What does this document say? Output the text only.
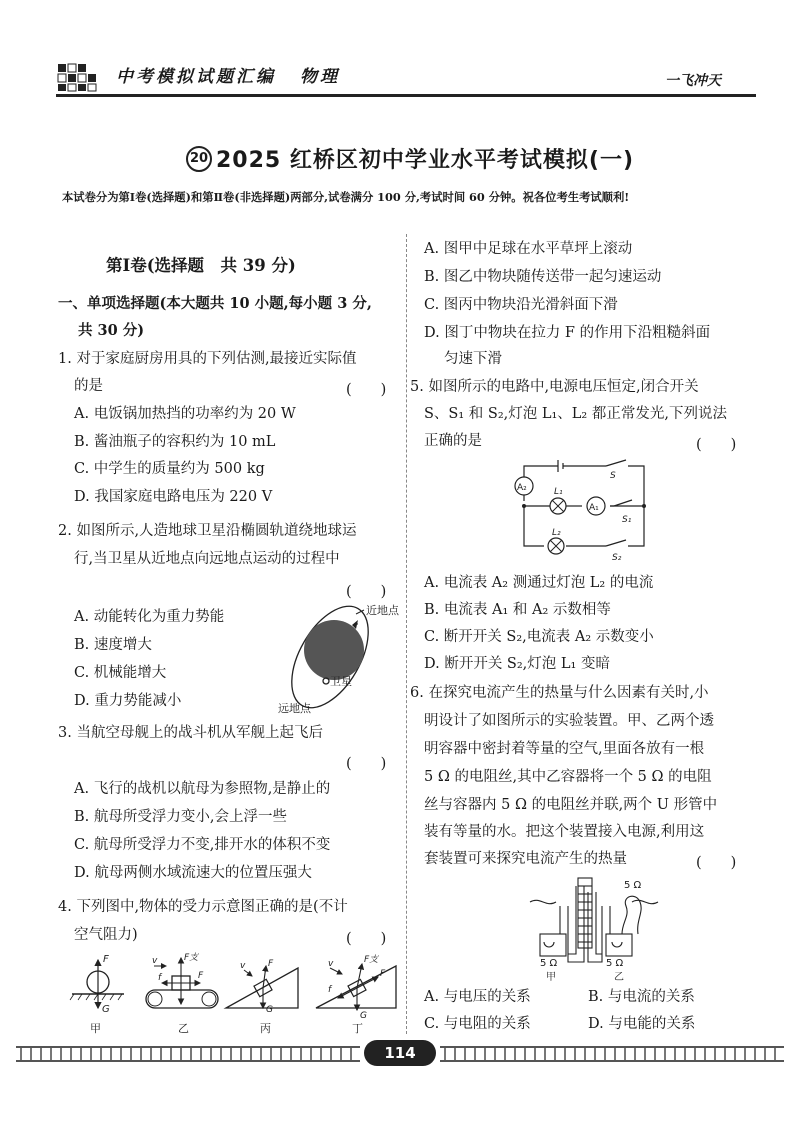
中考模拟试题汇编 物理	一飞冲天
20 2025 红桥区初中学业水平考试模拟(一)
本试卷分为第Ⅰ卷(选择题)和第Ⅱ卷(非选择题)两部分,试卷满分 100 分,考试时间 60 分钟。祝各位考生考试顺利!
第Ⅰ卷(选择题　共 39 分)
一、单项选择题(本大题共 10 小题,每小题 3 分,
共 30 分)
1. 对于家庭厨房用具的下列估测,最接近实际值
的是	(　　)
A. 电饭锅加热挡的功率约为 20 W
B. 酱油瓶子的容积约为 10 mL
C. 中学生的质量约为 500 kg
D. 我国家庭电路电压为 220 V
2. 如图所示,人造地球卫星沿椭圆轨道绕地球运
行,当卫星从近地点向远地点运动的过程中
(　　)
A. 动能转化为重力势能
B. 速度增大
C. 机械能增大
D. 重力势能减小
近地点
卫星
远地点
3. 当航空母舰上的战斗机从军舰上起飞后
(　　)
A. 飞行的战机以航母为参照物,是静止的
B. 航母所受浮力变小,会上浮一些
C. 航母所受浮力不变,排开水的体积不变
D. 航母两侧水域流速大的位置压强大
4. 下列图中,物体的受力示意图正确的是(不计
空气阻力)	(　　)
F
G
甲
v	F支
F
f
乙
v	F
G
丙
v	F支
F
f
G
丁
A. 图甲中足球在水平草坪上滚动
B. 图乙中物块随传送带一起匀速运动
C. 图丙中物块沿光滑斜面下滑
D. 图丁中物块在拉力 F 的作用下沿粗糙斜面
匀速下滑
5. 如图所示的电路中,电源电压恒定,闭合开关
S、S₁ 和 S₂,灯泡 L₁、L₂ 都正常发光,下列说法
正确的是	(　　)
A₂
A₁
S
L₁
S₁
L₂
S₂
A. 电流表 A₂ 测通过灯泡 L₂ 的电流
B. 电流表 A₁ 和 A₂ 示数相等
C. 断开开关 S₂,电流表 A₂ 示数变小
D. 断开开关 S₂,灯泡 L₁ 变暗
6. 在探究电流产生的热量与什么因素有关时,小
明设计了如图所示的实验装置。甲、乙两个透
明容器中密封着等量的空气,里面各放有一根
5 Ω 的电阻丝,其中乙容器将一个 5 Ω 的电阻
丝与容器内 5 Ω 的电阻丝并联,两个 U 形管中
装有等量的水。把这个装置接入电源,利用这
套装置可来探究电流产生的热量	(　　)
5 Ω
5 Ω	5 Ω
甲	乙
A. 与电压的关系	B. 与电流的关系
C. 与电阻的关系	D. 与电能的关系
114
